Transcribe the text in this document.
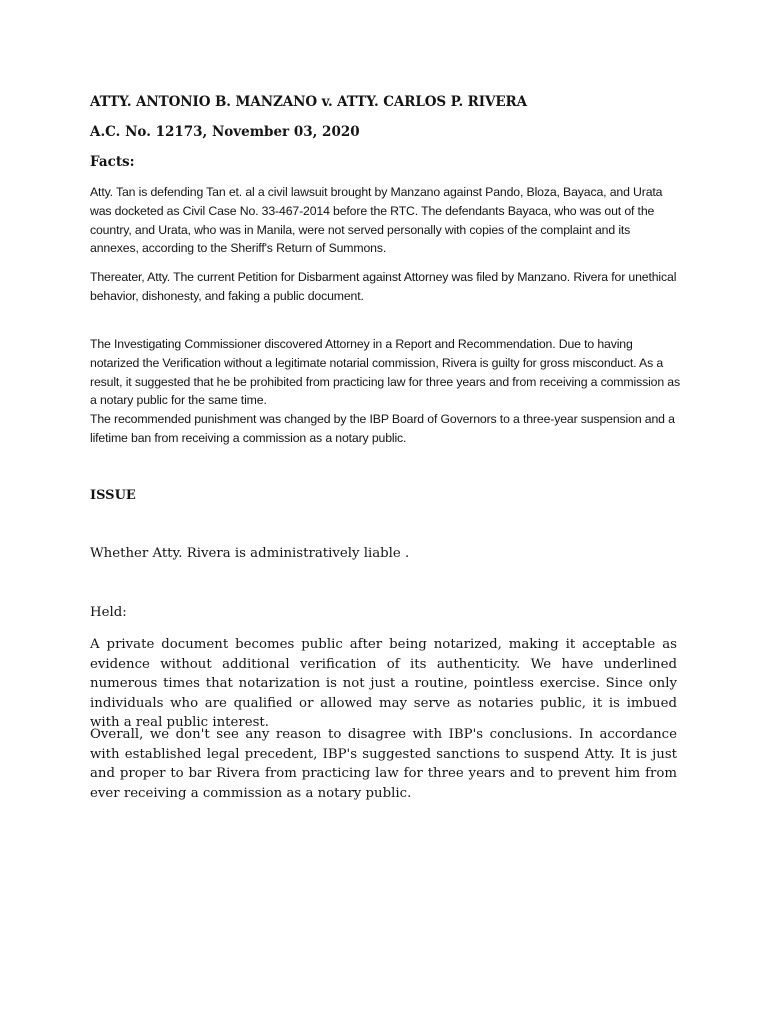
ATTY. ANTONIO B. MANZANO v. ATTY. CARLOS P. RIVERA

A.C. No. 12173, November 03, 2020

Facts:

Atty. Tan is defending Tan et. al a civil lawsuit brought by Manzano against Pando, Bloza, Bayaca, and Urata was docketed as Civil Case No. 33-467-2014 before the RTC. The defendants Bayaca, who was out of the country, and Urata, who was in Manila, were not served personally with copies of the complaint and its annexes, according to the Sheriff's Return of Summons.

Thereater, Atty. The current Petition for Disbarment against Attorney was filed by Manzano. Rivera for unethical behavior, dishonesty, and faking a public document.

The Investigating Commissioner discovered Attorney in a Report and Recommendation. Due to having notarized the Verification without a legitimate notarial commission, Rivera is guilty for gross misconduct. As a result, it suggested that he be prohibited from practicing law for three years and from receiving a commission as a notary public for the same time.
The recommended punishment was changed by the IBP Board of Governors to a three-year suspension and a lifetime ban from receiving a commission as a notary public.

ISSUE

Whether Atty. Rivera is administratively liable .

Held:

A private document becomes public after being notarized, making it acceptable as evidence without additional verification of its authenticity. We have underlined numerous times that notarization is not just a routine, pointless exercise. Since only individuals who are qualified or allowed may serve as notaries public, it is imbued with a real public interest.

Overall, we don't see any reason to disagree with IBP's conclusions. In accordance with established legal precedent, IBP's suggested sanctions to suspend Atty. It is just and proper to bar Rivera from practicing law for three years and to prevent him from ever receiving a commission as a notary public.
